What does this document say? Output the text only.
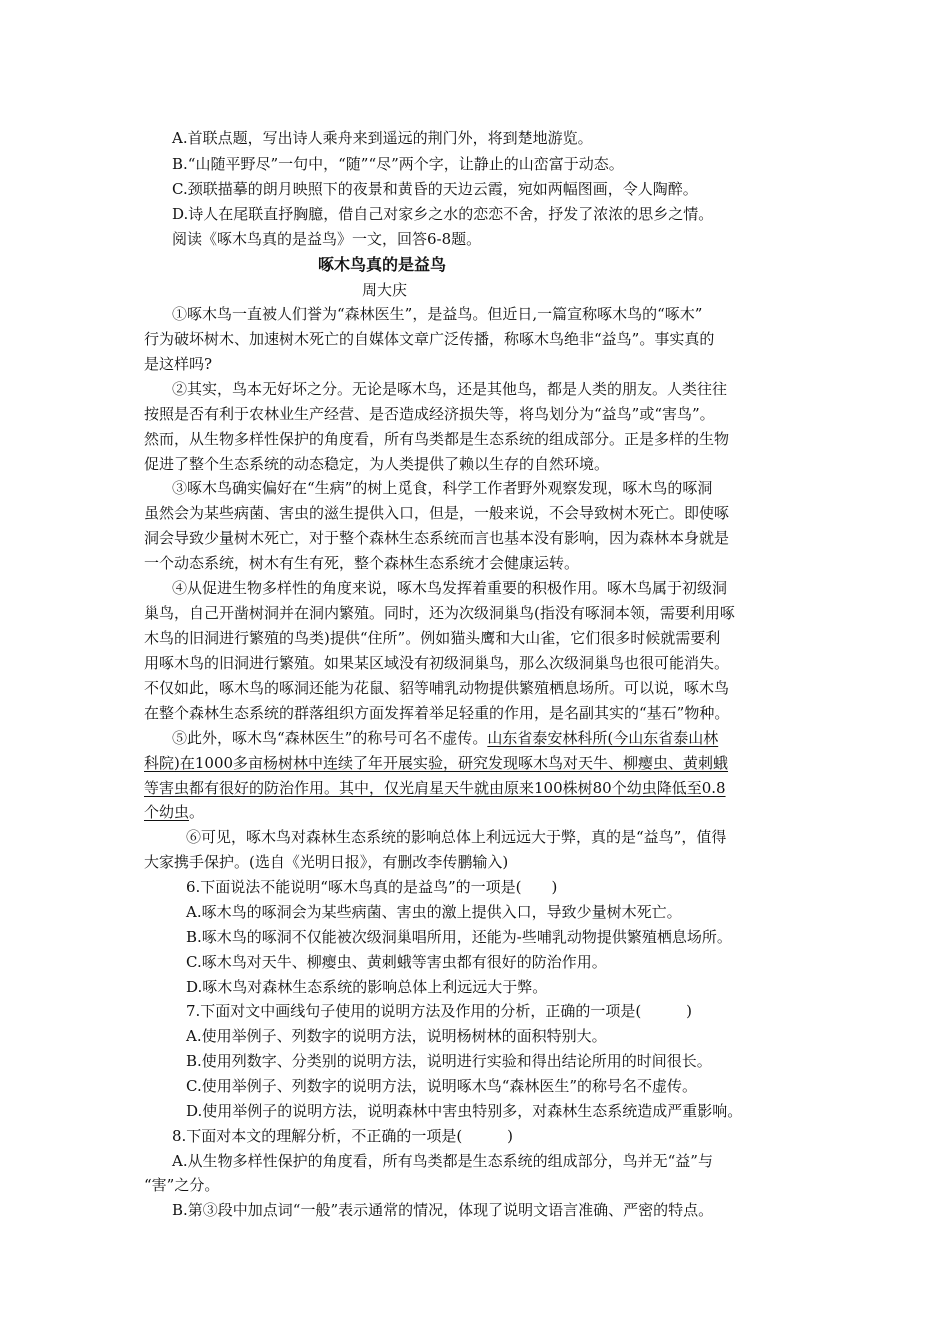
A.首联点题，写出诗人乘舟来到遥远的荆门外，将到楚地游览。
B.“山随平野尽”一句中，“随”“尽”两个字，让静止的山峦富于动态。
C.颈联描摹的朗月映照下的夜景和黄昏的天边云霞，宛如两幅图画，令人陶醉。
D.诗人在尾联直抒胸臆，借自己对家乡之水的恋恋不舍，抒发了浓浓的思乡之情。
阅读《啄木鸟真的是益鸟》一文，回答6-8题。
啄木鸟真的是益鸟
周大庆
①啄木鸟一直被人们誉为“森林医生”，是益鸟。但近日,一篇宣称啄木鸟的“啄木”
行为破坏树木、加速树木死亡的自媒体文章广泛传播，称啄木鸟绝非“益鸟”。事实真的
是这样吗?
②其实，鸟本无好坏之分。无论是啄木鸟，还是其他鸟，都是人类的朋友。人类往往
按照是否有利于农林业生产经营、是否造成经济损失等，将鸟划分为“益鸟”或“害鸟”。
然而，从生物多样性保护的角度看，所有鸟类都是生态系统的组成部分。正是多样的生物
促进了整个生态系统的动态稳定，为人类提供了赖以生存的自然环境。
③啄木鸟确实偏好在“生病”的树上觅食，科学工作者野外观察发现，啄木鸟的啄洞
虽然会为某些病菌、害虫的滋生提供入口，但是，一般来说，不会导致树木死亡。即使啄
洞会导致少量树木死亡，对于整个森林生态系统而言也基本没有影响，因为森林本身就是
一个动态系统，树木有生有死，整个森林生态系统才会健康运转。
④从促进生物多样性的角度来说，啄木鸟发挥着重要的积极作用。啄木鸟属于初级洞
巢鸟，自己开凿树洞并在洞内繁殖。同时，还为次级洞巢鸟(指没有啄洞本领，需要利用啄
木鸟的旧洞进行繁殖的鸟类)提供“住所”。例如猫头鹰和大山雀，它们很多时候就需要利
用啄木鸟的旧洞进行繁殖。如果某区域没有初级洞巢鸟，那么次级洞巢鸟也很可能消失。
不仅如此，啄木鸟的啄洞还能为花鼠、貂等哺乳动物提供繁殖栖息场所。可以说，啄木鸟
在整个森林生态系统的群落组织方面发挥着举足轻重的作用，是名副其实的“基石”物种。
⑤此外，啄木鸟“森林医生”的称号可名不虚传。山东省泰安林科所(今山东省泰山林
科院)在1000多亩杨树林中连续了年开展实验，研究发现啄木鸟对天牛、柳瘿虫、黄刺蛾
等害虫都有很好的防治作用。其中，仅光肩星天牛就由原来100株树80个幼虫降低至0.8
个幼虫。
⑥可见，啄木鸟对森林生态系统的影响总体上利远远大于弊，真的是“益鸟”，值得
大家携手保护。(选自《光明日报》，有删改李传鹏输入)
6.下面说法不能说明“啄木鸟真的是益鸟”的一项是(　　)
A.啄木鸟的啄洞会为某些病菌、害虫的激上提供入口，导致少量树木死亡。
B.啄木鸟的啄洞不仅能被次级洞巢唱所用，还能为-些哺乳动物提供繁殖栖息场所。
C.啄木鸟对天牛、柳瘿虫、黄刺蛾等害虫都有很好的防治作用。
D.啄木鸟对森林生态系统的影响总体上利远远大于弊。
7.下面对文中画线句子使用的说明方法及作用的分析，正确的一项是(　　　)
A.使用举例子、列数字的说明方法，说明杨树林的面积特别大。
B.使用列数字、分类别的说明方法，说明进行实验和得出结论所用的时间很长。
C.使用举例子、列数字的说明方法，说明啄木鸟“森林医生”的称号名不虚传。
D.使用举例子的说明方法，说明森林中害虫特别多，对森林生态系统造成严重影响。
8.下面对本文的理解分析，不正确的一项是(　　　)
A.从生物多样性保护的角度看，所有鸟类都是生态系统的组成部分，鸟并无“益”与
“害”之分。
B.第③段中加点词“一般”表示通常的情况，体现了说明文语言准确、严密的特点。
